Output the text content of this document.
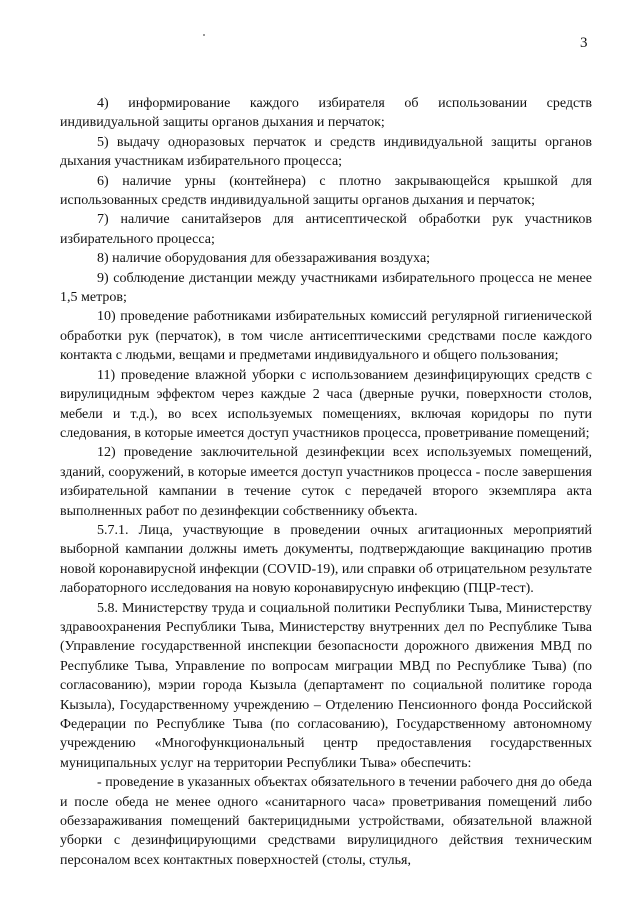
3

4) информирование каждого избирателя об использовании средств индивидуальной защиты органов дыхания и перчаток;

5) выдачу одноразовых перчаток и средств индивидуальной защиты органов дыхания участникам избирательного процесса;

6) наличие урны (контейнера) с плотно закрывающейся крышкой для использованных средств индивидуальной защиты органов дыхания и перчаток;

7) наличие санитайзеров для антисептической обработки рук участников избирательного процесса;

8) наличие оборудования для обеззараживания воздуха;

9) соблюдение дистанции между участниками избирательного процесса не менее 1,5 метров;

10) проведение работниками избирательных комиссий регулярной гигиенической обработки рук (перчаток), в том числе антисептическими средствами после каждого контакта с людьми, вещами и предметами индивидуального и общего пользования;

11) проведение влажной уборки с использованием дезинфицирующих средств с вирулицидным эффектом через каждые 2 часа (дверные ручки, поверхности столов, мебели и т.д.), во всех используемых помещениях, включая коридоры по пути следования, в которые имеется доступ участников процесса, проветривание помещений;

12) проведение заключительной дезинфекции всех используемых помещений, зданий, сооружений, в которые имеется доступ участников процесса - после завершения избирательной кампании в течение суток с передачей второго экземпляра акта выполненных работ по дезинфекции собственнику объекта.

5.7.1. Лица, участвующие в проведении очных агитационных мероприятий выборной кампании должны иметь документы, подтверждающие вакцинацию против новой коронавирусной инфекции (COVID-19), или справки об отрицательном результате лабораторного исследования на новую коронавирусную инфекцию (ПЦР-тест).

5.8. Министерству труда и социальной политики Республики Тыва, Министерству здравоохранения Республики Тыва, Министерству внутренних дел по Республике Тыва (Управление государственной инспекции безопасности дорожного движения МВД по Республике Тыва, Управление по вопросам миграции МВД по Республике Тыва) (по согласованию), мэрии города Кызыла (департамент по социальной политике города Кызыла), Государственному учреждению – Отделению Пенсионного фонда Российской Федерации по Республике Тыва (по согласованию), Государственному автономному учреждению «Многофункциональный центр предоставления государственных муниципальных услуг на территории Республики Тыва» обеспечить:

- проведение в указанных объектах обязательного в течении рабочего дня до обеда и после обеда не менее одного «санитарного часа» проветривания помещений либо обеззараживания помещений бактерицидными устройствами, обязательной влажной уборки с дезинфицирующими средствами вирулицидного действия техническим персоналом всех контактных поверхностей (столы, стулья,
